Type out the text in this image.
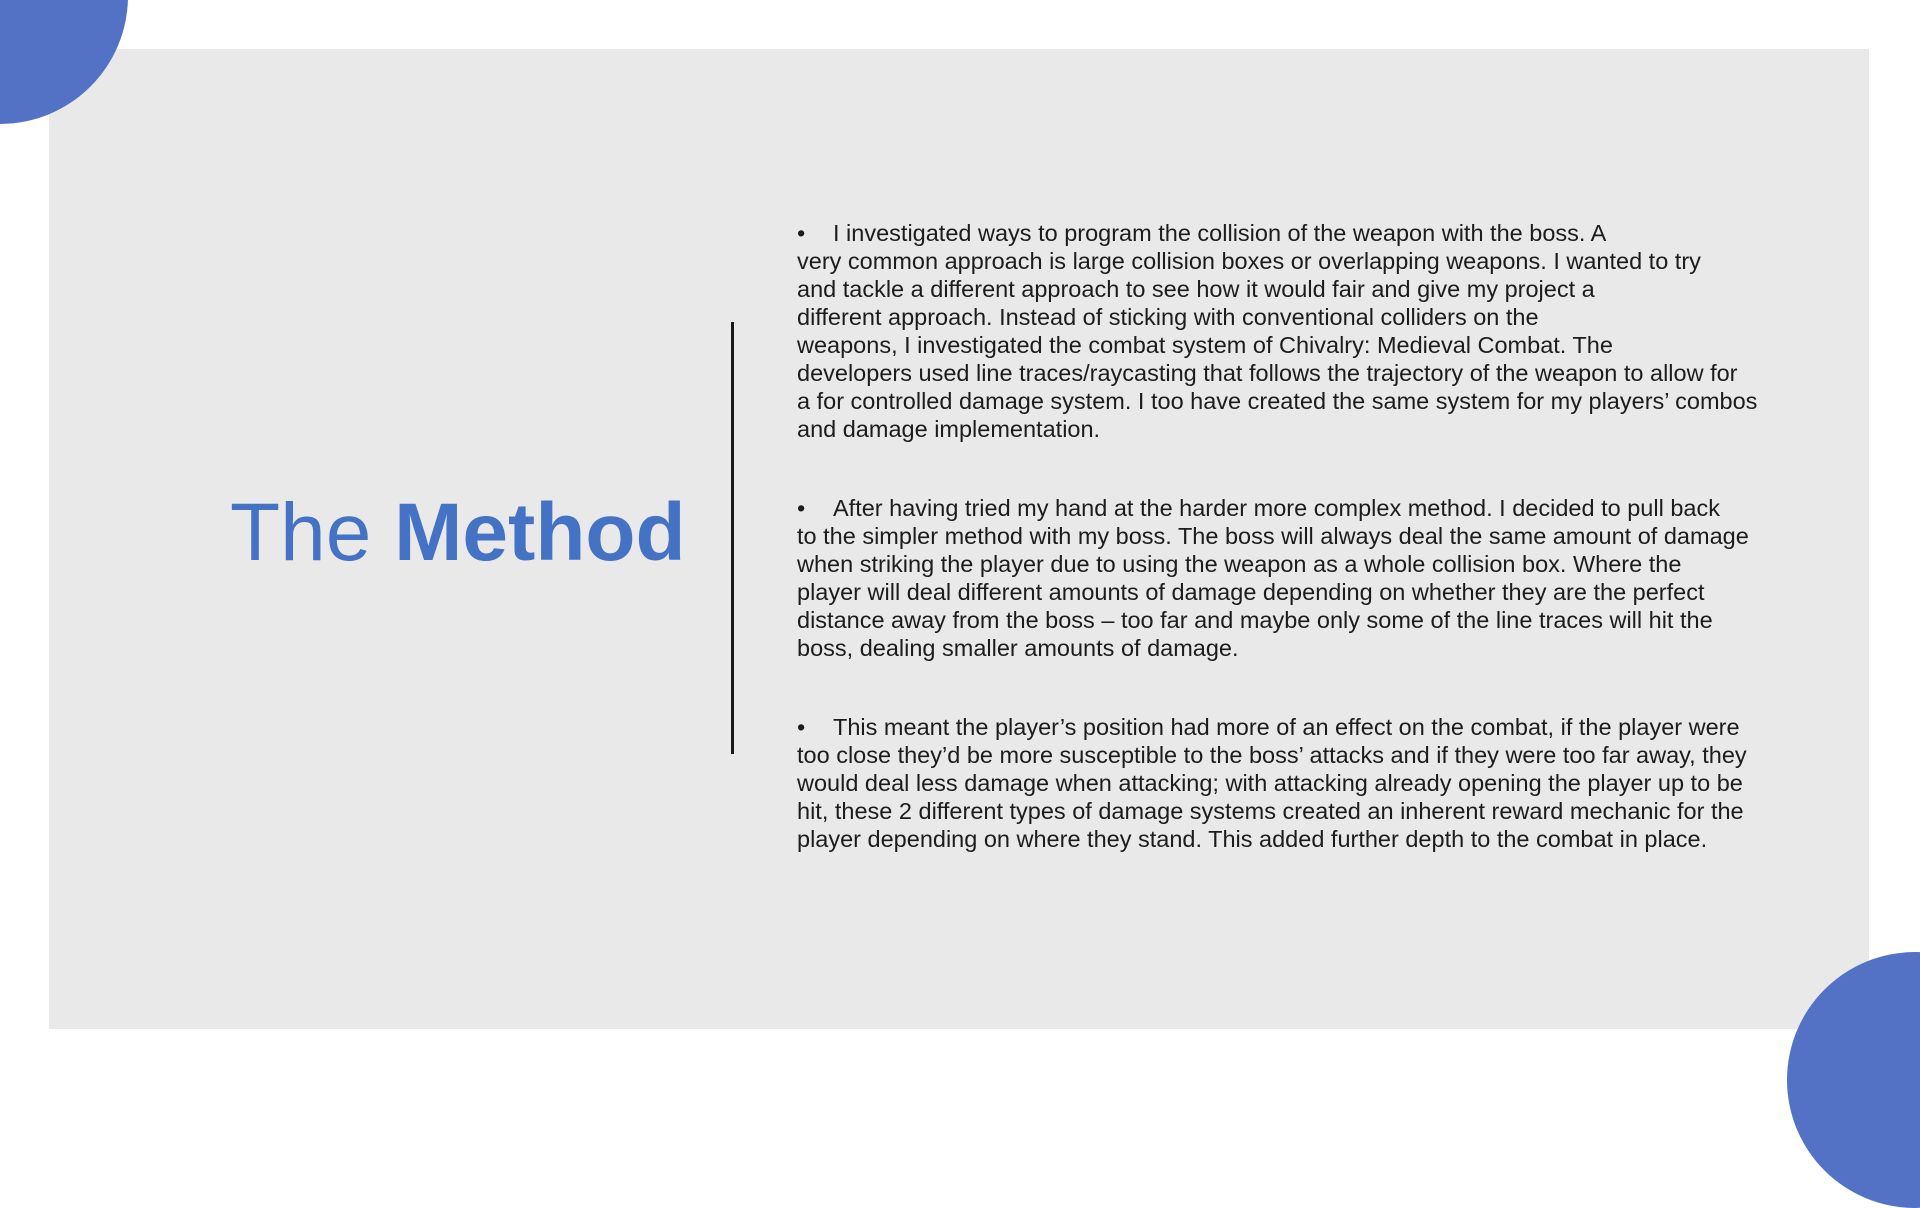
The Method
• I investigated ways to program the collision of the weapon with the boss. A
very common approach is large collision boxes or overlapping weapons. I wanted to try
and tackle a different approach to see how it would fair and give my project a
different approach. Instead of sticking with conventional colliders on the
weapons, I investigated the combat system of Chivalry: Medieval Combat. The
developers used line traces/raycasting that follows the trajectory of the weapon to allow for
a for controlled damage system. I too have created the same system for my players’ combos
and damage implementation.
• After having tried my hand at the harder more complex method. I decided to pull back
to the simpler method with my boss. The boss will always deal the same amount of damage
when striking the player due to using the weapon as a whole collision box. Where the
player will deal different amounts of damage depending on whether they are the perfect
distance away from the boss – too far and maybe only some of the line traces will hit the
boss, dealing smaller amounts of damage.
• This meant the player’s position had more of an effect on the combat, if the player were
too close they’d be more susceptible to the boss’ attacks and if they were too far away, they
would deal less damage when attacking; with attacking already opening the player up to be
hit, these 2 different types of damage systems created an inherent reward mechanic for the
player depending on where they stand. This added further depth to the combat in place.
